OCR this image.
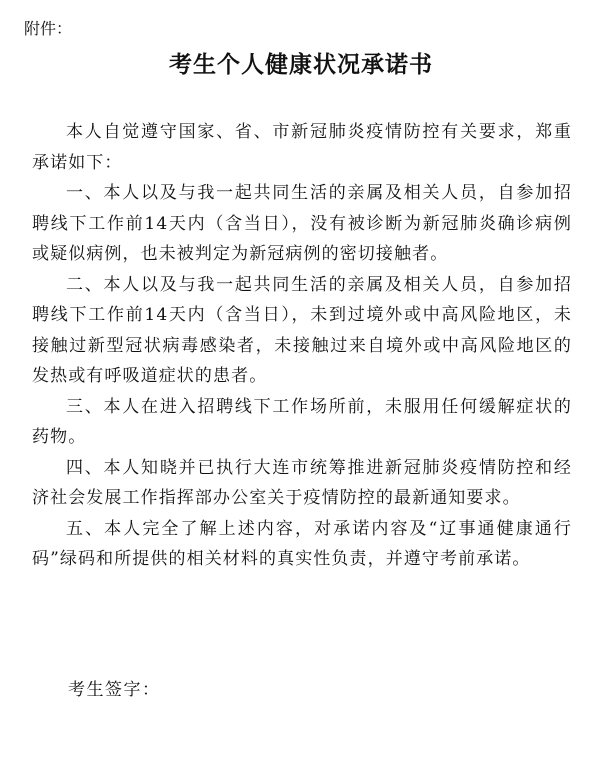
附件：
考生个人健康状况承诺书

本人自觉遵守国家、省、市新冠肺炎疫情防控有关要求，郑重承诺如下：

一、本人以及与我一起共同生活的亲属及相关人员，自参加招聘线下工作前14天内（含当日），没有被诊断为新冠肺炎确诊病例或疑似病例，也未被判定为新冠病例的密切接触者。

二、本人以及与我一起共同生活的亲属及相关人员，自参加招聘线下工作前14天内（含当日），未到过境外或中高风险地区，未接触过新型冠状病毒感染者，未接触过来自境外或中高风险地区的发热或有呼吸道症状的患者。

三、本人在进入招聘线下工作场所前，未服用任何缓解症状的药物。

四、本人知晓并已执行大连市统筹推进新冠肺炎疫情防控和经济社会发展工作指挥部办公室关于疫情防控的最新通知要求。

五、本人完全了解上述内容，对承诺内容及“辽事通健康通行码”绿码和所提供的相关材料的真实性负责，并遵守考前承诺。

考生签字：
